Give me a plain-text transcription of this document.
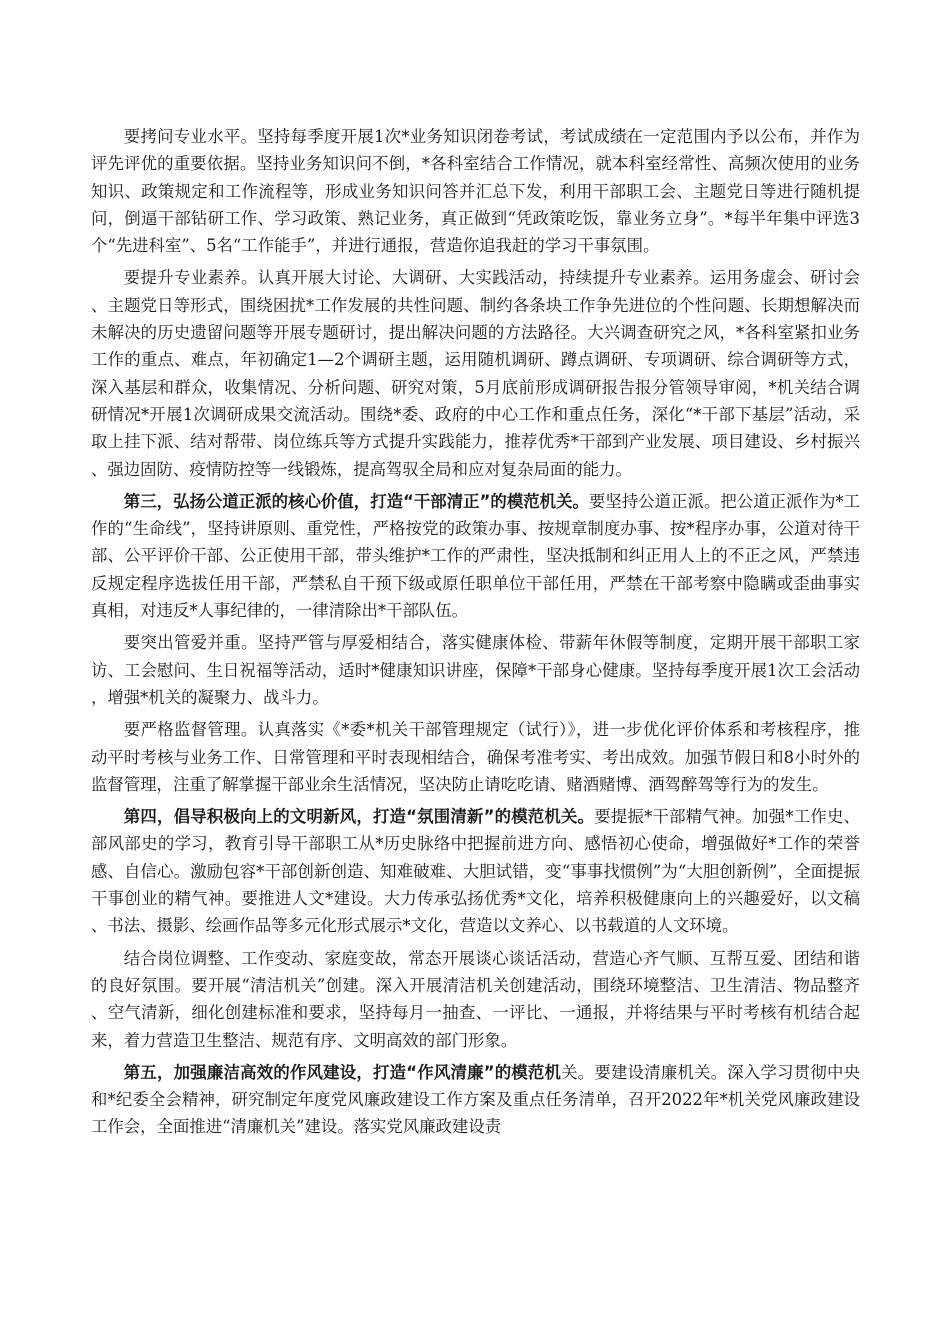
要拷问专业水平。坚持每季度开展1次*业务知识闭卷考试，考试成绩在一定范围内予以公布，并作为评先评优的重要依据。坚持业务知识问不倒，*各科室结合工作情况，就本科室经常性、高频次使用的业务知识、政策规定和工作流程等，形成业务知识问答并汇总下发，利用干部职工会、主题党日等进行随机提问，倒逼干部钻研工作、学习政策、熟记业务，真正做到“凭政策吃饭，靠业务立身”。*每半年集中评选3个“先进科室”、5名“工作能手”，并进行通报，营造你追我赶的学习干事氛围。

要提升专业素养。认真开展大讨论、大调研、大实践活动，持续提升专业素养。运用务虚会、研讨会、主题党日等形式，围绕困扰*工作发展的共性问题、制约各条块工作争先进位的个性问题、长期想解决而未解决的历史遗留问题等开展专题研讨，提出解决问题的方法路径。大兴调查研究之风，*各科室紧扣业务工作的重点、难点，年初确定1—2个调研主题，运用随机调研、蹲点调研、专项调研、综合调研等方式，深入基层和群众，收集情况、分析问题、研究对策，5月底前形成调研报告报分管领导审阅，*机关结合调研情况*开展1次调研成果交流活动。围绕*委、政府的中心工作和重点任务，深化“*干部下基层”活动，采取上挂下派、结对帮带、岗位练兵等方式提升实践能力，推荐优秀*干部到产业发展、项目建设、乡村振兴、强边固防、疫情防控等一线锻炼，提高驾驭全局和应对复杂局面的能力。

第三，弘扬公道正派的核心价值，打造“干部清正”的模范机关。要坚持公道正派。把公道正派作为*工作的“生命线”，坚持讲原则、重党性，严格按党的政策办事、按规章制度办事、按*程序办事，公道对待干部、公平评价干部、公正使用干部，带头维护*工作的严肃性，坚决抵制和纠正用人上的不正之风，严禁违反规定程序选拔任用干部，严禁私自干预下级或原任职单位干部任用，严禁在干部考察中隐瞒或歪曲事实真相，对违反*人事纪律的，一律清除出*干部队伍。

要突出管爱并重。坚持严管与厚爱相结合，落实健康体检、带薪年休假等制度，定期开展干部职工家访、工会慰问、生日祝福等活动，适时*健康知识讲座，保障*干部身心健康。坚持每季度开展1次工会活动，增强*机关的凝聚力、战斗力。

要严格监督管理。认真落实《*委*机关干部管理规定（试行）》，进一步优化评价体系和考核程序，推动平时考核与业务工作、日常管理和平时表现相结合，确保考准考实、考出成效。加强节假日和8小时外的监督管理，注重了解掌握干部业余生活情况，坚决防止请吃吃请、赌酒赌博、酒驾醉驾等行为的发生。

第四，倡导积极向上的文明新风，打造“氛围清新”的模范机关。要提振*干部精气神。加强*工作史、部风部史的学习，教育引导干部职工从*历史脉络中把握前进方向、感悟初心使命，增强做好*工作的荣誉感、自信心。激励包容*干部创新创造、知难破难、大胆试错，变“事事找惯例”为“大胆创新例”，全面提振干事创业的精气神。要推进人文*建设。大力传承弘扬优秀*文化，培养积极健康向上的兴趣爱好，以文稿、书法、摄影、绘画作品等多元化形式展示*文化，营造以文养心、以书载道的人文环境。

结合岗位调整、工作变动、家庭变故，常态开展谈心谈话活动，营造心齐气顺、互帮互爱、团结和谐的良好氛围。要开展“清洁机关”创建。深入开展清洁机关创建活动，围绕环境整洁、卫生清洁、物品整齐、空气清新，细化创建标准和要求，坚持每月一抽查、一评比、一通报，并将结果与平时考核有机结合起来，着力营造卫生整洁、规范有序、文明高效的部门形象。

第五，加强廉洁高效的作风建设，打造“作风清廉”的模范机关。要建设清廉机关。深入学习贯彻中央和*纪委全会精神，研究制定年度党风廉政建设工作方案及重点任务清单，召开2022年*机关党风廉政建设工作会，全面推进“清廉机关”建设。落实党风廉政建设责
